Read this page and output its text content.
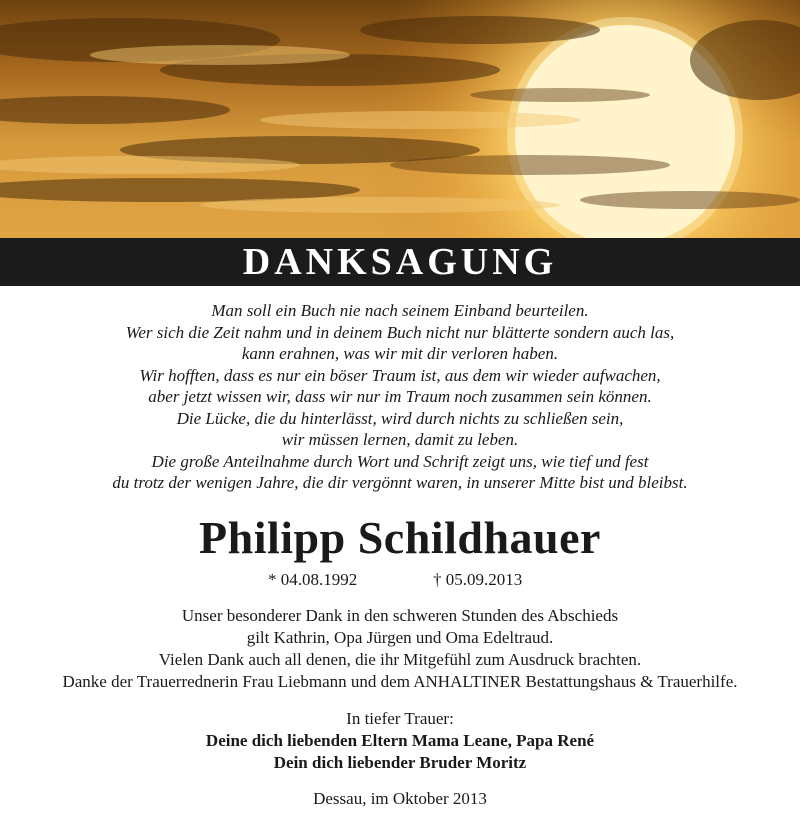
DANKSAGUNG
Man soll ein Buch nie nach seinem Einband beurteilen.
Wer sich die Zeit nahm und in deinem Buch nicht nur blätterte sondern auch las,
kann erahnen, was wir mit dir verloren haben.
Wir hofften, dass es nur ein böser Traum ist, aus dem wir wieder aufwachen,
aber jetzt wissen wir, dass wir nur im Traum noch zusammen sein können.
Die Lücke, die du hinterlässt, wird durch nichts zu schließen sein,
wir müssen lernen, damit zu leben.
Die große Anteilnahme durch Wort und Schrift zeigt uns, wie tief und fest
du trotz der wenigen Jahre, die dir vergönnt waren, in unserer Mitte bist und bleibst.
Philipp Schildhauer
* 04.08.1992	† 05.09.2013
Unser besonderer Dank in den schweren Stunden des Abschieds
gilt Kathrin, Opa Jürgen und Oma Edeltraud.
Vielen Dank auch all denen, die ihr Mitgefühl zum Ausdruck brachten.
Danke der Trauerrednerin Frau Liebmann und dem ANHALTINER Bestattungshaus & Trauerhilfe.
In tiefer Trauer:
Deine dich liebenden Eltern Mama Leane, Papa René
Dein dich liebender Bruder Moritz
Dessau, im Oktober 2013
